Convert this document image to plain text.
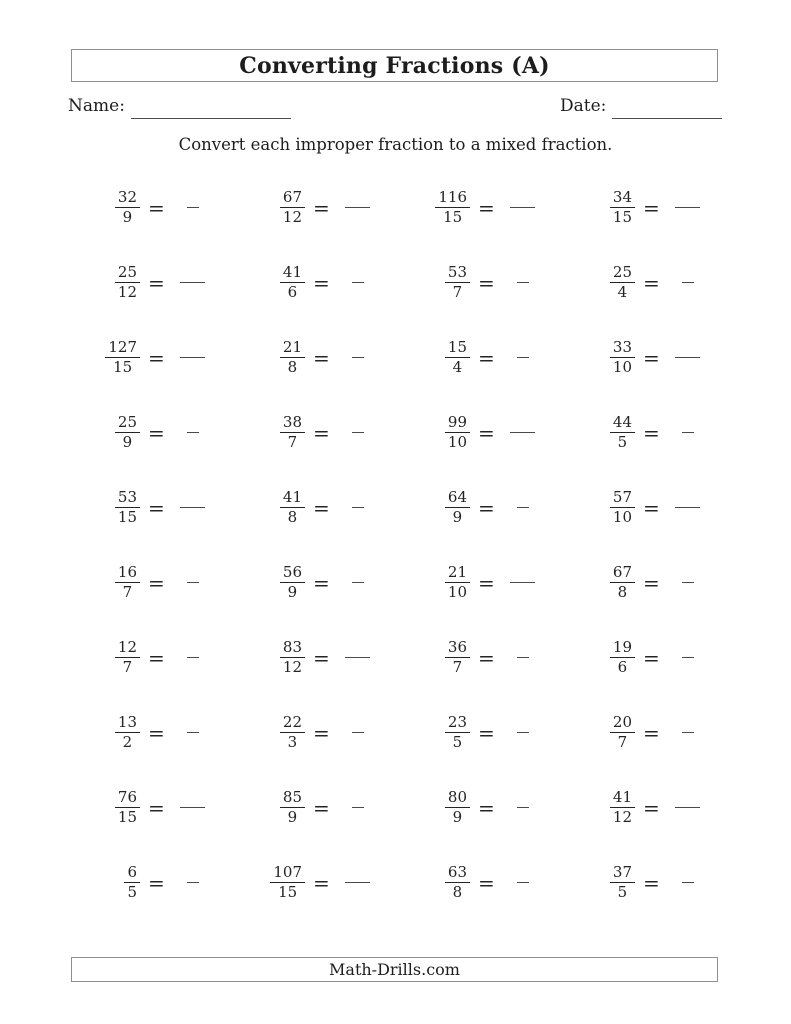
Converting Fractions (A)
Name:	Date:
Convert each improper fraction to a mixed fraction.
$\frac{32}{9}$ =	$\frac{67}{12}$ =	$\frac{116}{15}$ =	$\frac{34}{15}$ =
$\frac{25}{12}$ =	$\frac{41}{6}$ =	$\frac{53}{7}$ =	$\frac{25}{4}$ =
$\frac{127}{15}$ =	$\frac{21}{8}$ =	$\frac{15}{4}$ =	$\frac{33}{10}$ =
$\frac{25}{9}$ =	$\frac{38}{7}$ =	$\frac{99}{10}$ =	$\frac{44}{5}$ =
$\frac{53}{15}$ =	$\frac{41}{8}$ =	$\frac{64}{9}$ =	$\frac{57}{10}$ =
$\frac{16}{7}$ =	$\frac{56}{9}$ =	$\frac{21}{10}$ =	$\frac{67}{8}$ =
$\frac{12}{7}$ =	$\frac{83}{12}$ =	$\frac{36}{7}$ =	$\frac{19}{6}$ =
$\frac{13}{2}$ =	$\frac{22}{3}$ =	$\frac{23}{5}$ =	$\frac{20}{7}$ =
$\frac{76}{15}$ =	$\frac{85}{9}$ =	$\frac{80}{9}$ =	$\frac{41}{12}$ =
$\frac{6}{5}$ =	$\frac{107}{15}$ =	$\frac{63}{8}$ =	$\frac{37}{5}$ =
Math-Drills.com
